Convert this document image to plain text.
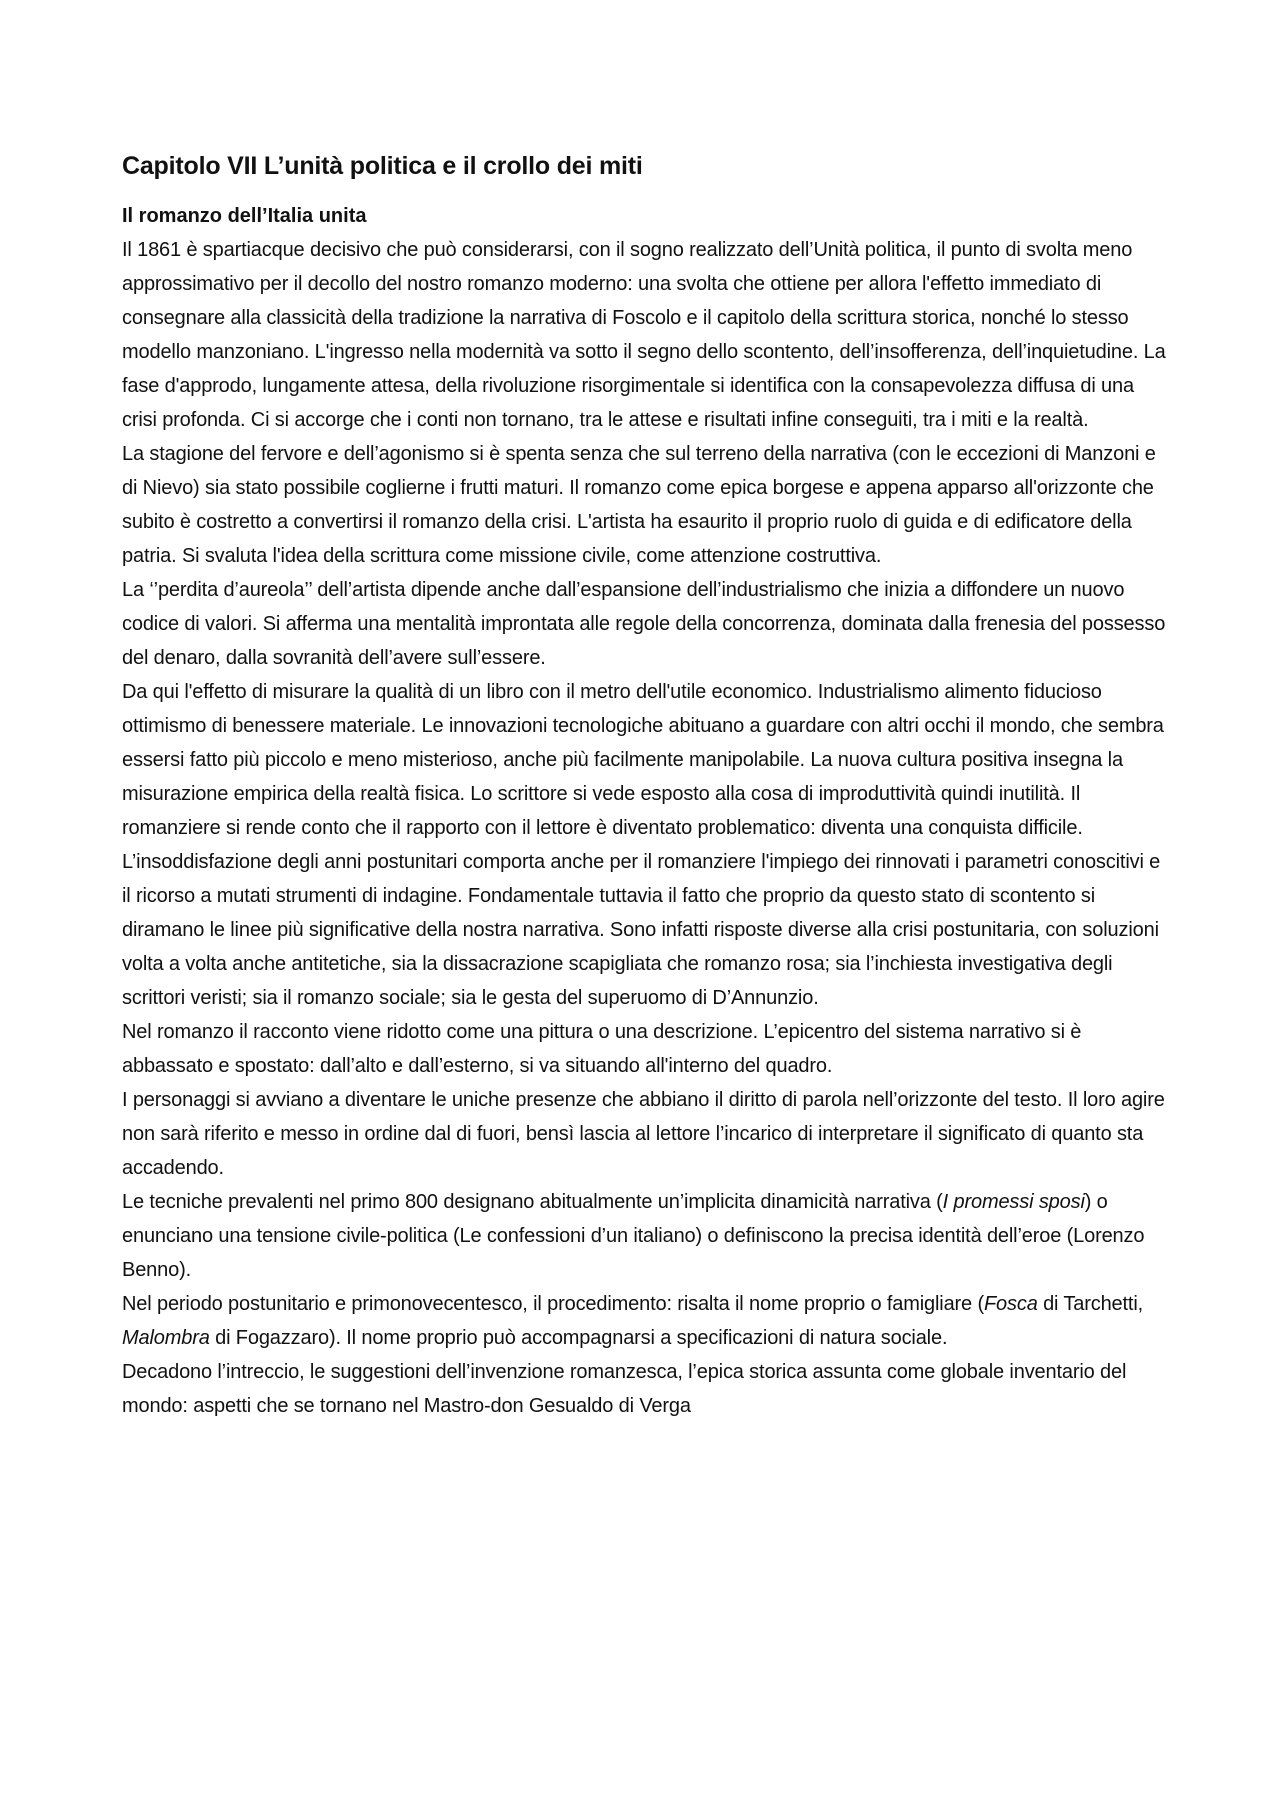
Capitolo VII L’unità politica e il crollo dei miti
Il romanzo dell’Italia unita

Il 1861 è spartiacque decisivo che può considerarsi, con il sogno realizzato dell’Unità politica, il punto di svolta meno approssimativo per il decollo del nostro romanzo moderno: una svolta che ottiene per allora l'effetto immediato di consegnare alla classicità della tradizione la narrativa di Foscolo e il capitolo della scrittura storica, nonché lo stesso modello manzoniano. L'ingresso nella modernità va sotto il segno dello scontento, dell’insofferenza, dell’inquietudine. La fase d'approdo, lungamente attesa, della rivoluzione risorgimentale si identifica con la consapevolezza diffusa di una crisi profonda. Ci si accorge che i conti non tornano, tra le attese e risultati infine conseguiti, tra i miti e la realtà.

La stagione del fervore e dell’agonismo si è spenta senza che sul terreno della narrativa (con le eccezioni di Manzoni e di Nievo) sia stato possibile coglierne i frutti maturi. Il romanzo come epica borgese e appena apparso all'orizzonte che subito è costretto a convertirsi il romanzo della crisi. L'artista ha esaurito il proprio ruolo di guida e di edificatore della patria. Si svaluta l'idea della scrittura come missione civile, come attenzione costruttiva.

La ‘’perdita d’aureola’’ dell’artista dipende anche dall’espansione dell’industrialismo che inizia a diffondere un nuovo codice di valori. Si afferma una mentalità improntata alle regole della concorrenza, dominata dalla frenesia del possesso del denaro, dalla sovranità dell’avere sull’essere.

Da qui l'effetto di misurare la qualità di un libro con il metro dell'utile economico. Industrialismo alimento fiducioso ottimismo di benessere materiale. Le innovazioni tecnologiche abituano a guardare con altri occhi il mondo, che sembra essersi fatto più piccolo e meno misterioso, anche più facilmente manipolabile. La nuova cultura positiva insegna la misurazione empirica della realtà fisica. Lo scrittore si vede esposto alla cosa di improduttività quindi inutilità. Il romanziere si rende conto che il rapporto con il lettore è diventato problematico: diventa una conquista difficile.

L’insoddisfazione degli anni postunitari comporta anche per il romanziere l'impiego dei rinnovati i parametri conoscitivi e il ricorso a mutati strumenti di indagine. Fondamentale tuttavia il fatto che proprio da questo stato di scontento si diramano le linee più significative della nostra narrativa. Sono infatti risposte diverse alla crisi postunitaria, con soluzioni volta a volta anche antitetiche, sia la dissacrazione scapigliata che romanzo rosa; sia l’inchiesta investigativa degli scrittori veristi; sia il romanzo sociale; sia le gesta del superuomo di D’Annunzio.

Nel romanzo il racconto viene ridotto come una pittura o una descrizione. L’epicentro del sistema narrativo si è abbassato e spostato: dall’alto e dall’esterno, si va situando all'interno del quadro.

I personaggi si avviano a diventare le uniche presenze che abbiano il diritto di parola nell’orizzonte del testo. Il loro agire non sarà riferito e messo in ordine dal di fuori, bensì lascia al lettore l’incarico di interpretare il significato di quanto sta accadendo.

Le tecniche prevalenti nel primo 800 designano abitualmente un’implicita dinamicità narrativa (I promessi sposi) o enunciano una tensione civile-politica (Le confessioni d’un italiano) o definiscono la precisa identità dell’eroe (Lorenzo Benno).

Nel periodo postunitario e primonovecentesco, il procedimento: risalta il nome proprio o famigliare (Fosca di Tarchetti, Malombra di Fogazzaro). Il nome proprio può accompagnarsi a specificazioni di natura sociale.

Decadono l’intreccio, le suggestioni dell’invenzione romanzesca, l’epica storica assunta come globale inventario del mondo: aspetti che se tornano nel Mastro-don Gesualdo di Verga
